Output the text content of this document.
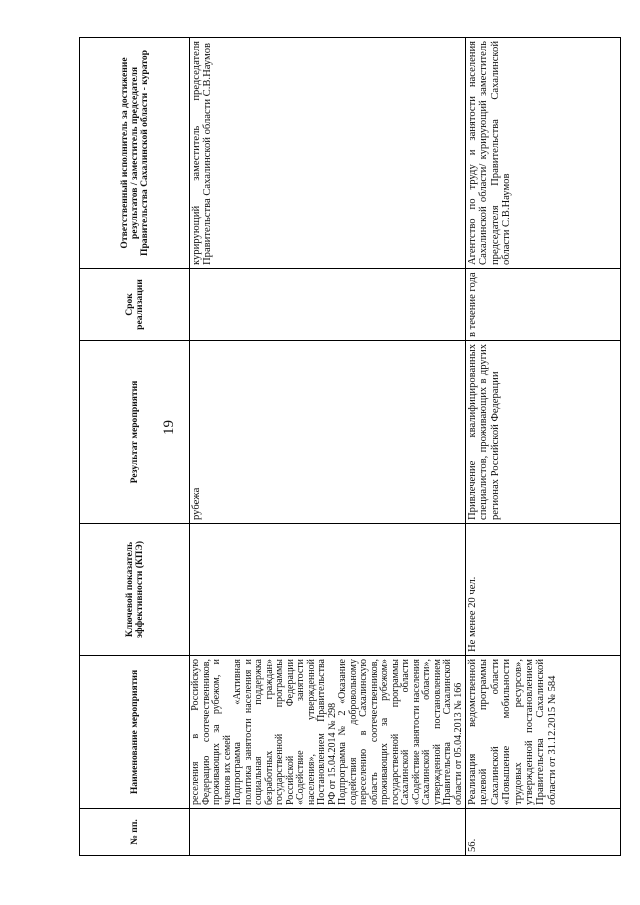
19
№ пп.	Наименование мероприятия	Ключевой показатель эффективности (КПЭ)	Результат мероприятия	Срок реализации	Ответственный исполнитель за достижение результатов / заместитель председателя Правительства Сахалинской области - куратор
	реселения в Российскую Федерацию соотечественников, проживающих за рубежом, и членов их семей
Подпрограмма «Активная политика занятости населения и социальная поддержка безработных граждан» государственной программы Российской Федерации «Содействие занятости населения», утвержденной Постановлением Правительства РФ от 15.04.2014 № 298
Подпрограмма № 2 «Оказание содействия добровольному переселению в Сахалинскую область соотечественников, проживающих за рубежом» государственной программы Сахалинской области «Содействие занятости населения Сахалинской области», утвержденной постановлением Правительства Сахалинской области от 05.04.2013 № 166		рубежа		курирующий заместитель председателя Правительства Сахалинской области С.В.Наумов
56.	Реализация ведомственной целевой программы Сахалинской области «Повышение мобильности трудовых ресурсов», утвержденной постановлением Правительства Сахалинской области от 31.12.2015 № 584	Не менее 20 чел.	Привлечение квалифицированных специалистов, проживающих в других регионах Российской Федерации	в течение года	Агентство по труду и занятости населения Сахалинской области/ курирующий заместитель председателя Правительства Сахалинской области С.В.Наумов
